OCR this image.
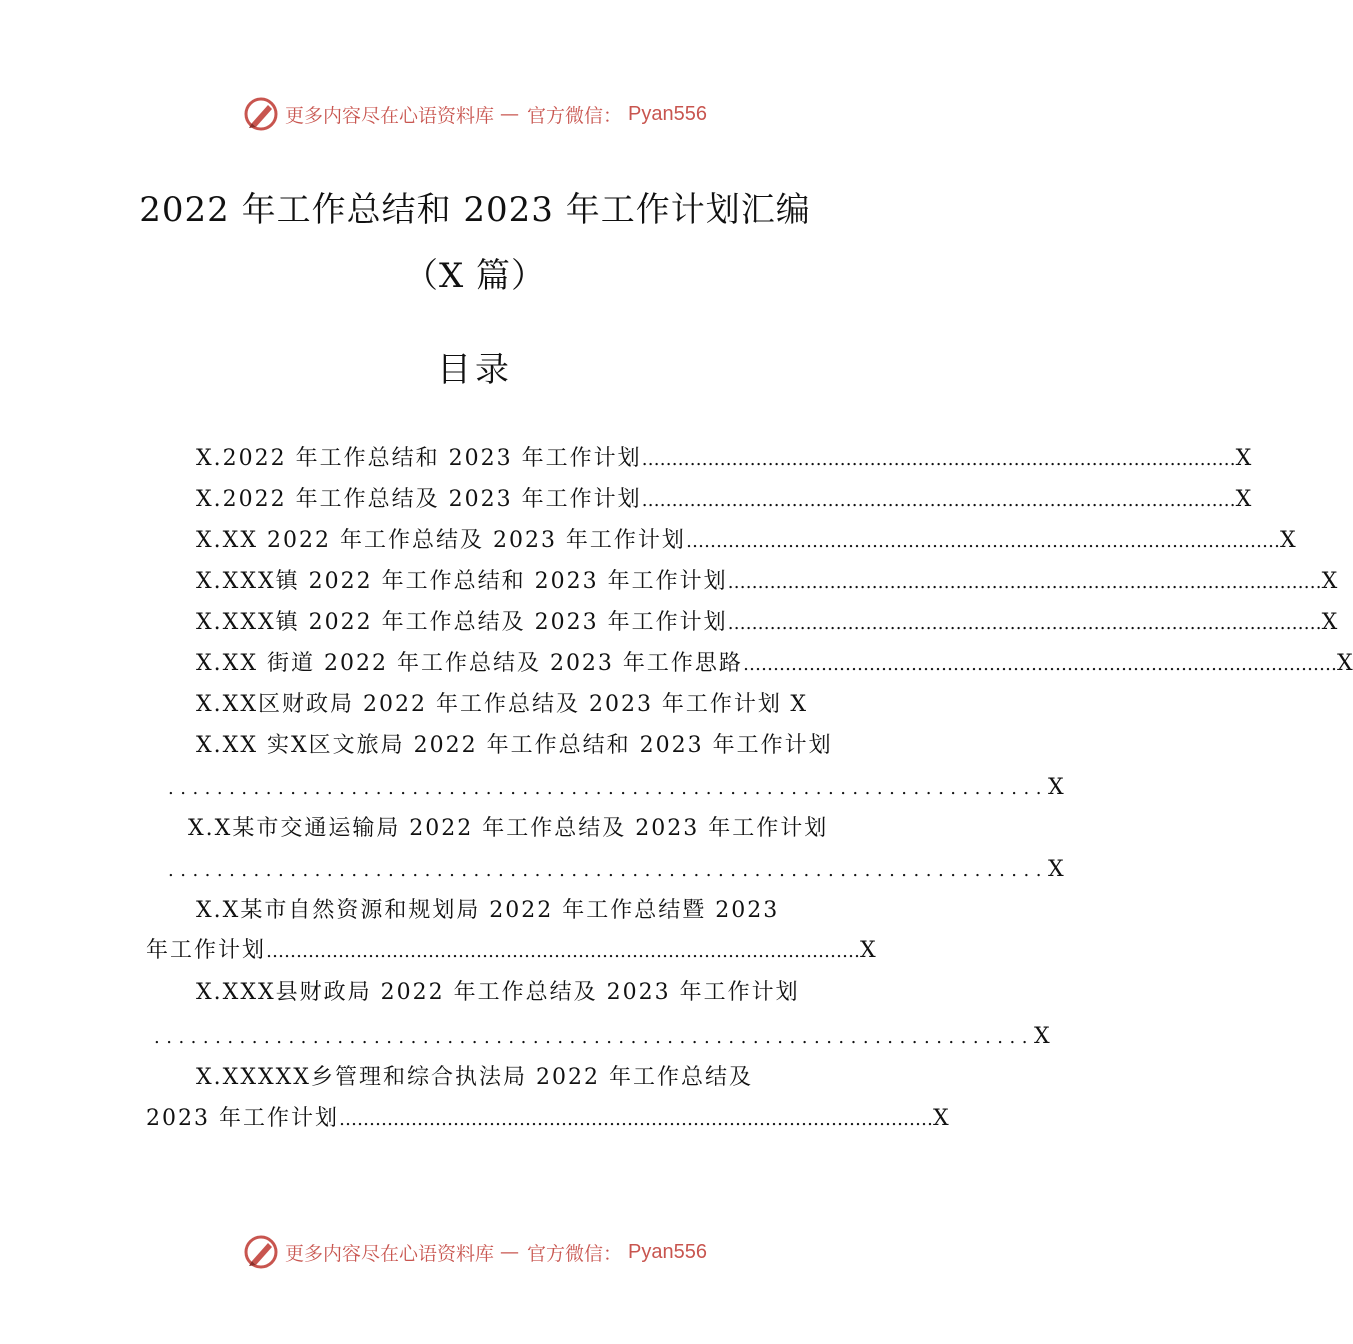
更多内容尽在心语资料库 — 官方微信： Pyan556
2022 年工作总结和 2023 年工作计划汇编
（X 篇）
目录
X.2022 年工作总结和 2023 年工作计划 ……………………………………………………………………………………… X
X.2022 年工作总结及 2023 年工作计划 ……………………………………………………………………………………… X
X.XX 2022 年工作总结及 2023 年工作计划 ……………………………………………………………………………………… X
X.XXX镇 2022 年工作总结和 2023 年工作计划 ……………………………………………………………………………………… X
X.XXX镇 2022 年工作总结及 2023 年工作计划 ……………………………………………………………………………………… X
X.XX 街道 2022 年工作总结及 2023 年工作思路 ……………………………………………………………………………………… X
X.XX区财政局 2022 年工作总结及 2023 年工作计划 X
X.XX 实X区文旅局 2022 年工作总结和 2023 年工作计划
........................................................................ X
X.X某市交通运输局 2022 年工作总结及 2023 年工作计划
........................................................................ X
X.X某市自然资源和规划局 2022 年工作总结暨 2023
年工作计划 ……………………………………………………………………………………… X
X.XXX县财政局 2022 年工作总结及 2023 年工作计划
........................................................................ X
X.XXXXX乡管理和综合执法局 2022 年工作总结及
2023 年工作计划 ……………………………………………………………………………………… X
更多内容尽在心语资料库 — 官方微信： Pyan556
